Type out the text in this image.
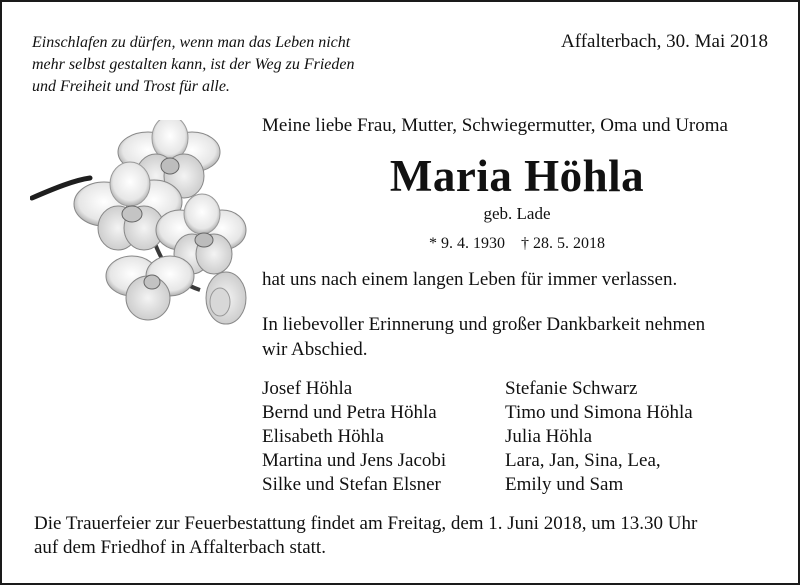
Einschlafen zu dürfen, wenn man das Leben nicht
mehr selbst gestalten kann, ist der Weg zu Frieden
und Freiheit und Trost für alle.
Affalterbach, 30. Mai 2018
Meine liebe Frau, Mutter, Schwiegermutter, Oma und Uroma
Maria Höhla
geb. Lade
* 9. 4. 1930 † 28. 5. 2018
hat uns nach einem langen Leben für immer verlassen.
In liebevoller Erinnerung und großer Dankbarkeit nehmen
wir Abschied.
Josef Höhla
Bernd und Petra Höhla
Elisabeth Höhla
Martina und Jens Jacobi
Silke und Stefan Elsner
Stefanie Schwarz
Timo und Simona Höhla
Julia Höhla
Lara, Jan, Sina, Lea,
Emily und Sam
Die Trauerfeier zur Feuerbestattung findet am Freitag, dem 1. Juni 2018, um 13.30 Uhr
auf dem Friedhof in Affalterbach statt.
